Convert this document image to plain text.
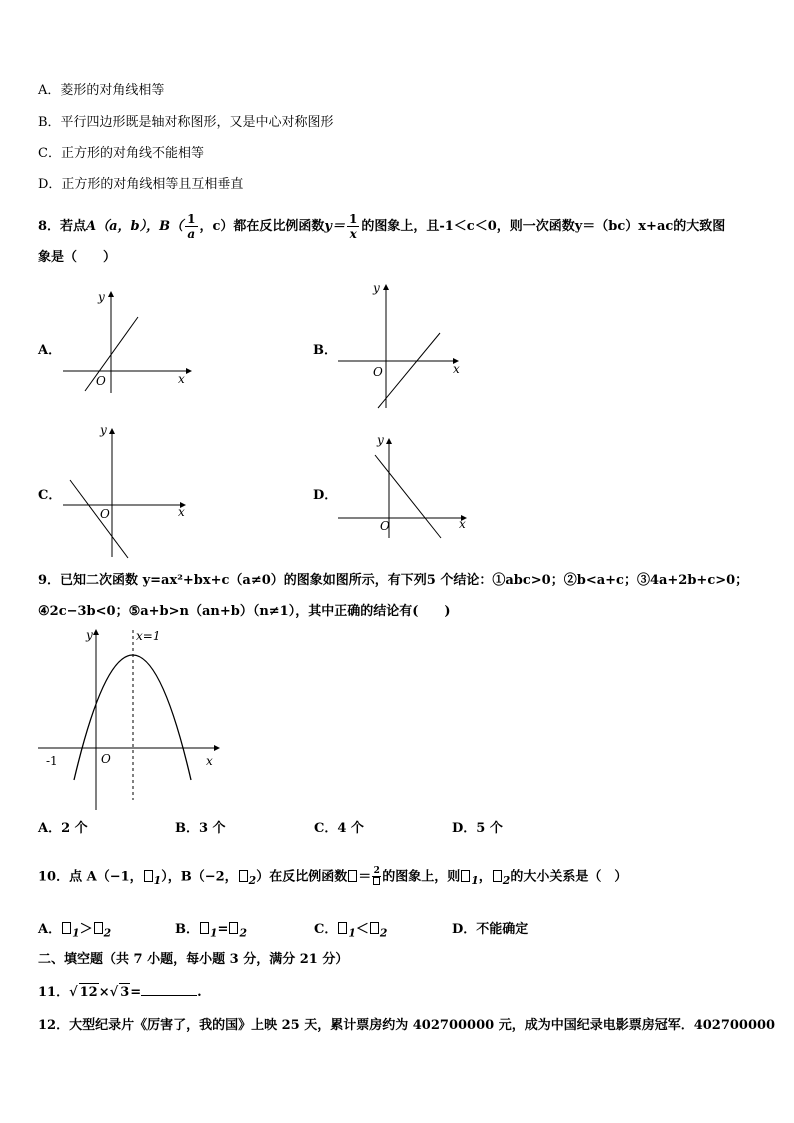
A．菱形的对角线相等
B．平行四边形既是轴对称图形，又是中心对称图形
C．正方形的对角线不能相等
D．正方形的对角线相等且互相垂直
8．若点A（a，b），$B( \frac{1}{a}$ ，c）都在反比例函数$y= \frac{1}{x}$ 的图象上，且-1＜c＜0，则一次函数y＝（bc）x+ac的大致图
象是（　　）
A．
x
y
O
B．
x
y
O
C．
x
y
O
D．
x
y
O
9．已知二次函数 y=ax²+bx+c（a≠0）的图象如图所示，有下列5 个结论：①abc>0；②b<a+c；③4a+2b+c>0；
④2c−3b<0；⑤a+b>n（an+b）（n≠1），其中正确的结论有(　　)
x=1
y
x
O
-1
A．2 个	B．3 个	C．4 个	D．5 个
10．点 A（−1， $_1$），B（−2， $_2$）在反比例函数 ＝ 2 的图象上，则 $_1$， $_2$的大小关系是（　）
A． $_1$＞ $_2$	B． $_1$= $_2$	C． $_1$＜ $_2$	D．不能确定
二、填空题（共 7 小题，每小题 3 分，满分 21 分）
11．√ 12×√ 3=	.
12．大型纪录片《厉害了，我的国》上映 25 天，累计票房约为 402700000 元，成为中国纪录电影票房冠军．402700000
